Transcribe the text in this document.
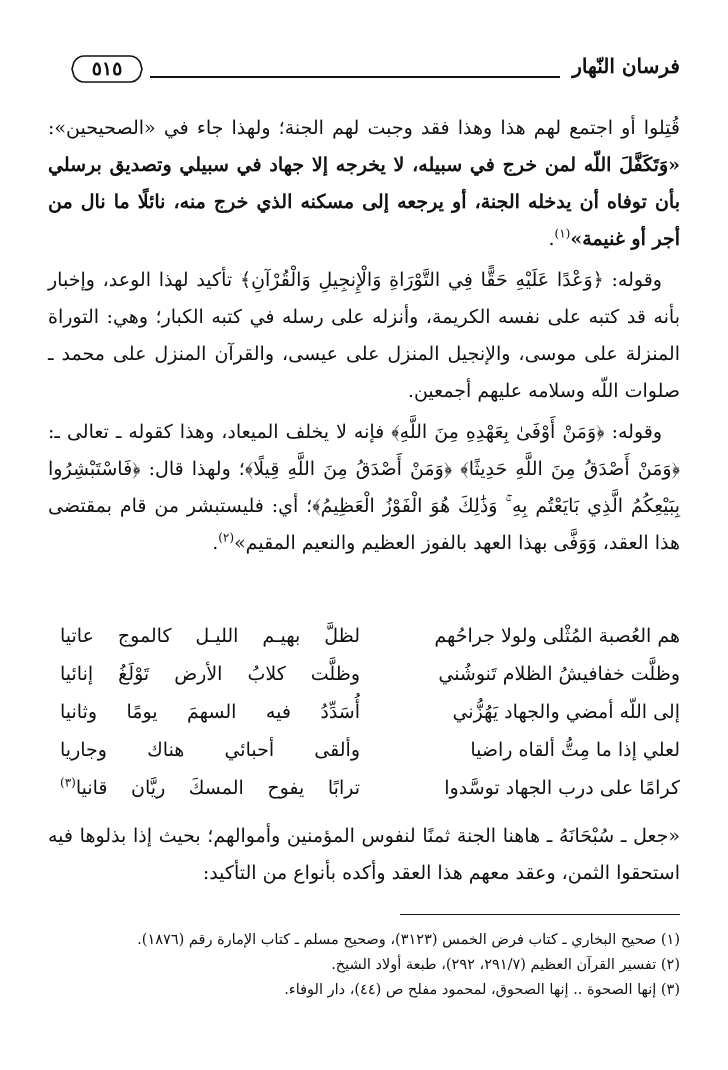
فرسان النّهار
٥١٥

قُتِلوا أو اجتمع لهم هذا وهذا فقد وجبت لهم الجنة؛ ولهذا جاء في «الصحيحين»: «وَتَكَفَّلَ اللّه لمن خرج في سبيله، لا يخرجه إلا جهاد في سبيلي وتصديق برسلي بأن توفاه أن يدخله الجنة، أو يرجعه إلى مسكنه الذي خرج منه، نائلًا ما نال من أجر أو غنيمة»$^{(١)}$.

وقوله: ﴿وَعْدًا عَلَيْهِ حَقًّا فِي التَّوْرَاةِ وَالْإِنجِيلِ وَالْقُرْآنِ﴾ تأكيد لهذا الوعد، وإخبار بأنه قد كتبه على نفسه الكريمة، وأنزله على رسله في كتبه الكبار؛ وهي: التوراة المنزلة على موسى، والإنجيل المنزل على عيسى، والقرآن المنزل على محمد ـ صلوات اللّه وسلامه عليهم أجمعين.

وقوله: ﴿وَمَنْ أَوْفَىٰ بِعَهْدِهِ مِنَ اللَّهِ﴾ فإنه لا يخلف الميعاد، وهذا كقوله ـ تعالى ـ: ﴿وَمَنْ أَصْدَقُ مِنَ اللَّهِ حَدِيثًا﴾ ﴿وَمَنْ أَصْدَقُ مِنَ اللَّهِ قِيلًا﴾؛ ولهذا قال: ﴿فَاسْتَبْشِرُوا بِبَيْعِكُمُ الَّذِي بَايَعْتُم بِهِ ۚ وَذَٰلِكَ هُوَ الْفَوْزُ الْعَظِيمُ﴾؛ أي: فليستبشر من قام بمقتضى هذا العقد، وَوَفَّى بهذا العهد بالفوز العظيم والنعيم المقيم»$^{(٢)}$.

هم العُصبة المُثْلى ولولا جراحُهم
لظلَّ بهيـم الليـل كالموج عاتيا
وظلَّت خفافيشُ الظلام تَنوشُني
وظلَّت كلابُ الأرض تَوْلَغُ إنائيا
إلى اللّه أمضي والجهاد يَهُزُّني
أُسَدِّدُ فيه السهمَ يومًا وثانيا
لعلي إذا ما مِتُّ ألقاه راضيا
وألقى أحبائي هناك وجاريا
كرامًا على درب الجهاد توسَّدوا
ترابًا يفوح المسكَ ريَّان قانيا$^{(٣)}$

«جعل ـ سُبْحَانَهُ ـ هاهنا الجنة ثمنًا لنفوس المؤمنين وأموالهم؛ بحيث إذا بذلوها فيه استحقوا الثمن، وعقد معهم هذا العقد وأكده بأنواع من التأكيد:

(١) صحيح البخاري ـ كتاب فرض الخمس (٣١٢٣)، وصحيح مسلم ـ كتاب الإمارة رقم (١٨٧٦).
(٢) تفسير القرآن العظيم (٢٩١/٧، ٢٩٢)، طبعة أولاد الشيخ.
(٣) إنها الصحوة .. إنها الصحوق، لمحمود مفلح ص (٤٤)، دار الوفاء.
